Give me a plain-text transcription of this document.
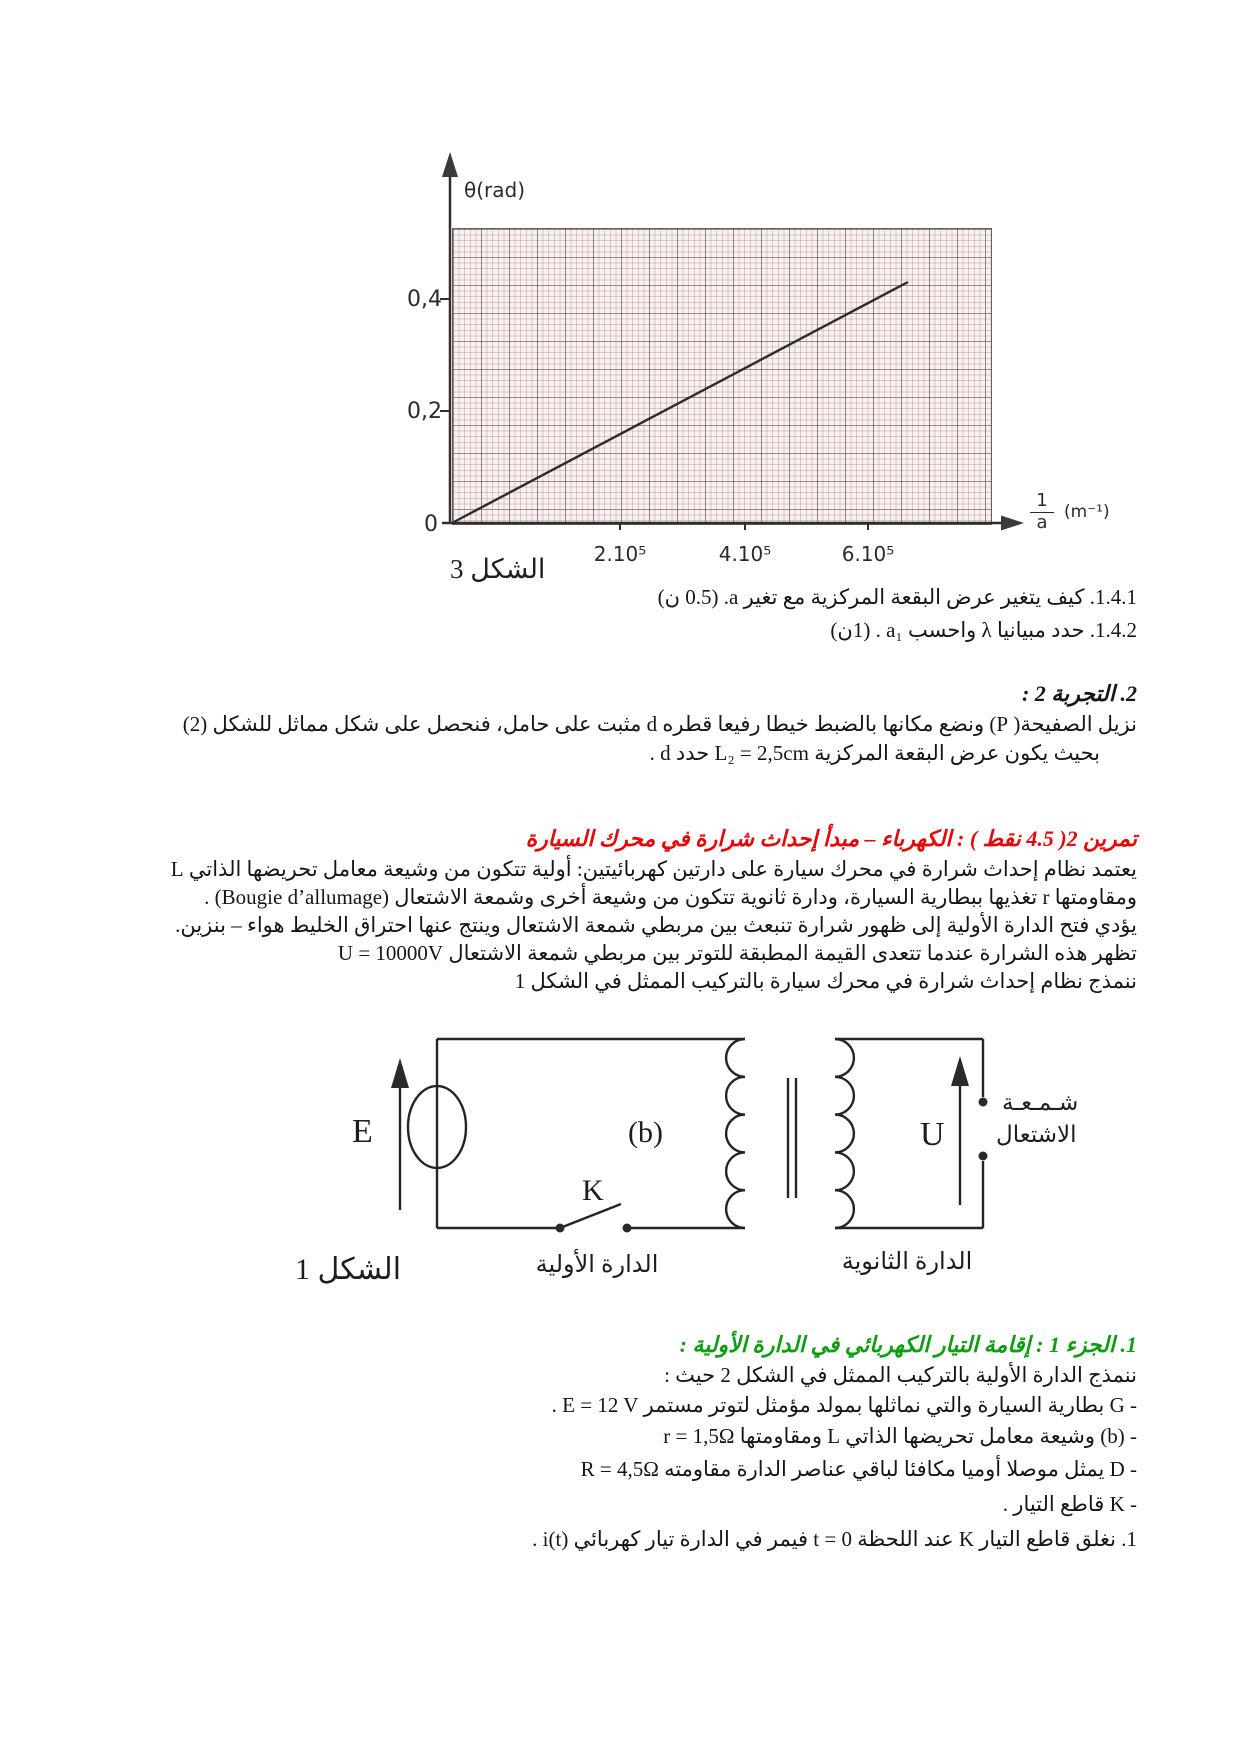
θ(rad)
0,4
0,2
0
2.10⁵	4.10⁵	6.10⁵
$\frac{1}{a} (m^{-1})$
الشكل 3
1.4.1. كيف يتغير عرض البقعة المركزية مع تغير a. (0.5 ن)
1.4.2. حدد مبيانيا λ واحسب a₁ . (1ن)
2. التجربة 2 :
نزيل الصفيحة( P) ونضع مكانها بالضبط خيطا رفيعا قطره d مثبت على حامل، فنحصل على شكل مماثل للشكل (2)
بحيث يكون عرض البقعة المركزية L₂ = 2,5cm حدد d .
تمرين 2( 4.5 نقط ) : الكهرباء – مبدأ إحداث شرارة في محرك السيارة
يعتمد نظام إحداث شرارة في محرك سيارة على دارتين كهربائيتين: أولية تتكون من وشيعة معامل تحريضها الذاتي L
ومقاومتها r تغذيها ببطارية السيارة، ودارة ثانوية تتكون من وشيعة أخرى وشمعة الاشتعال (Bougie d’allumage) .
يؤدي فتح الدارة الأولية إلى ظهور شرارة تنبعث بين مربطي شمعة الاشتعال وينتج عنها احتراق الخليط هواء – بنزين.
تظهر هذه الشرارة عندما تتعدى القيمة المطبقة للتوتر بين مربطي شمعة الاشتعال U = 10000V
ننمذج نظام إحداث شرارة في محرك سيارة بالتركيب الممثل في الشكل 1
E
K
(b)	U
شـمـعـة
الاشتعال
الدارة الأولية	الدارة الثانوية
الشكل 1
1. الجزء 1 : إقامة التيار الكهربائي في الدارة الأولية :
ننمذج الدارة الأولية بالتركيب الممثل في الشكل 2 حيث :
- G بطارية السيارة والتي نماثلها بمولد مؤمثل لتوتر مستمر E = 12 V .
- (b) وشيعة معامل تحريضها الذاتي L ومقاومتها r = 1,5Ω
- D يمثل موصلا أوميا مكافئا لباقي عناصر الدارة مقاومته R = 4,5Ω
- K قاطع التيار .
1. نغلق قاطع التيار K عند اللحظة t = 0 فيمر في الدارة تيار كهربائي i(t) .
